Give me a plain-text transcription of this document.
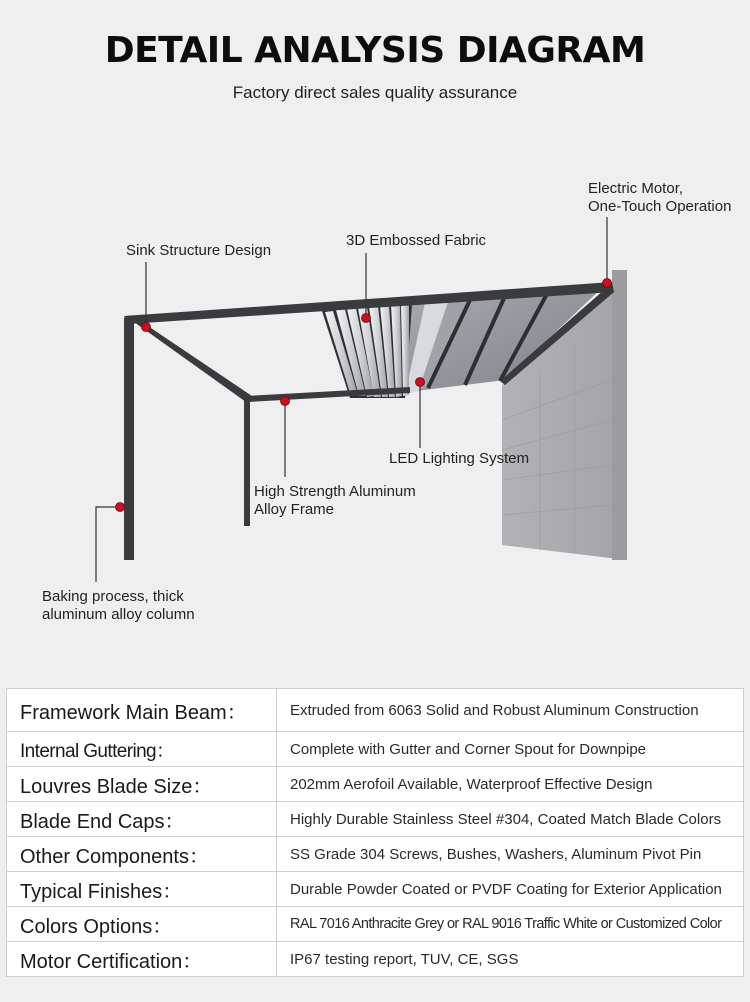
DETAIL ANALYSIS DIAGRAM
Factory direct sales quality assurance
Electric Motor,
One-Touch Operation
3D Embossed Fabric
Sink Structure Design
LED Lighting System
High Strength Aluminum
Alloy Frame
Baking process, thick
aluminum alloy column
Framework Main Beam：	Extruded from 6063 Solid and Robust Aluminum Construction
Internal Guttering：	Complete with Gutter and Corner Spout for Downpipe
Louvres Blade Size：	202mm Aerofoil Available, Waterproof Effective Design
Blade End Caps：	Highly Durable Stainless Steel #304, Coated Match Blade Colors
Other Components：	SS Grade 304 Screws, Bushes, Washers, Aluminum Pivot Pin
Typical Finishes：	Durable Powder Coated or PVDF Coating for Exterior Application
Colors Options：	RAL 7016 Anthracite Grey or RAL 9016 Traffic White or Customized Color
Motor Certification：	IP67 testing report, TUV, CE, SGS
